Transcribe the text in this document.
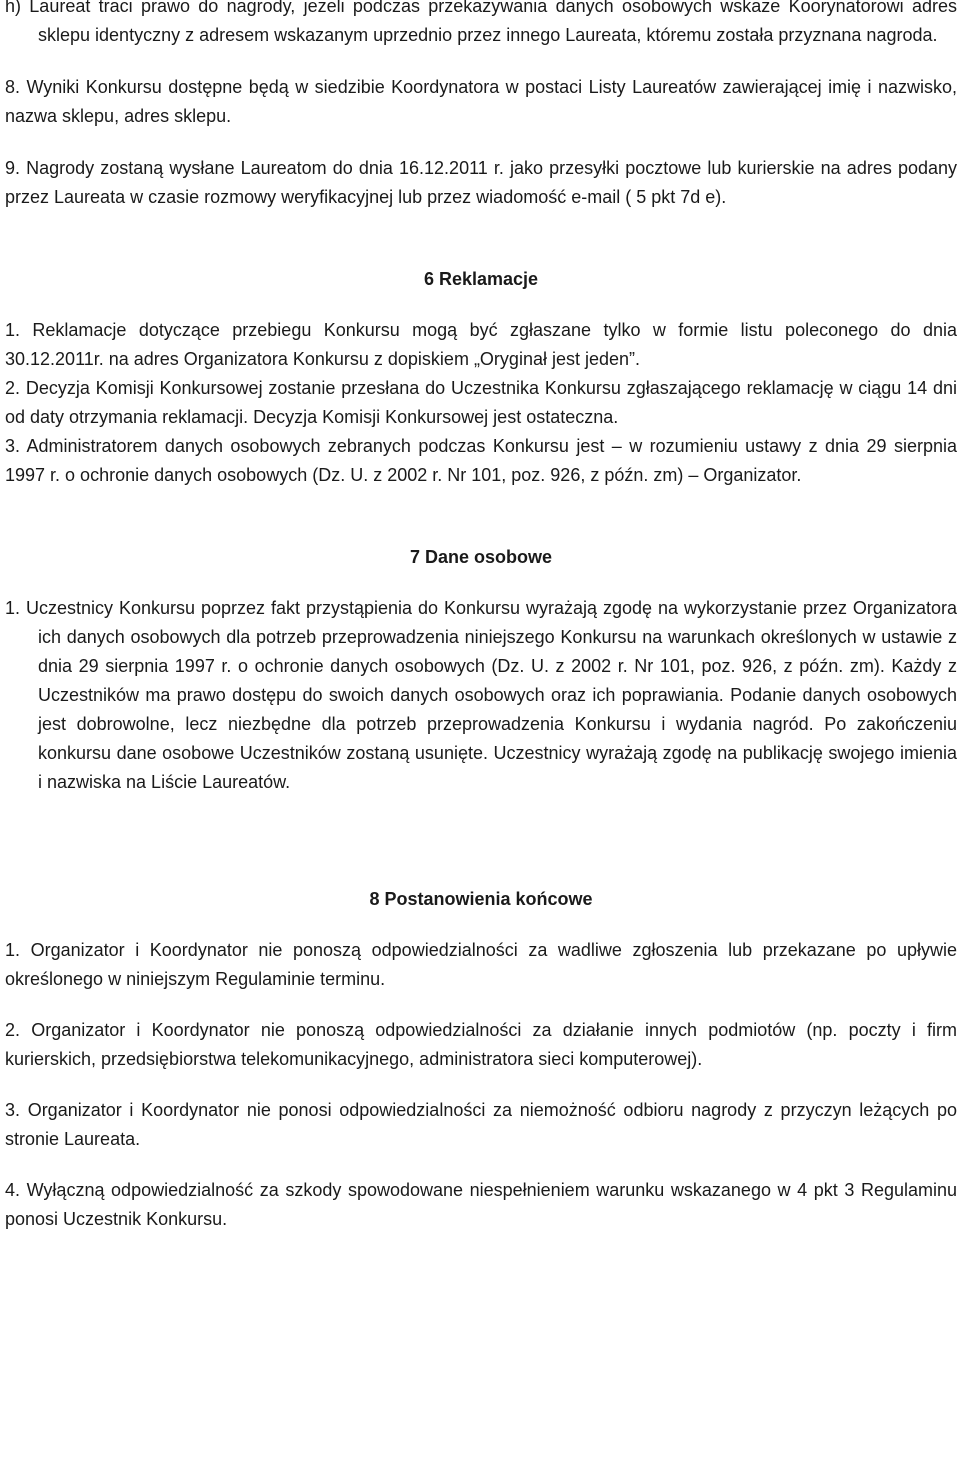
h) Laureat traci prawo do nagrody, jeżeli podczas przekazywania danych osobowych wskaże Koorynatorowi adres sklepu identyczny z adresem wskazanym uprzednio przez innego Laureata, któremu została przyznana nagroda.

8. Wyniki Konkursu dostępne będą w siedzibie Koordynatora w postaci Listy Laureatów zawierającej imię i nazwisko, nazwa sklepu, adres sklepu.

9. Nagrody zostaną wysłane Laureatom do dnia 16.12.2011 r. jako przesyłki pocztowe lub kurierskie na adres podany przez Laureata w czasie rozmowy weryfikacyjnej lub przez wiadomość e-mail ( 5 pkt 7d e).

6 Reklamacje

1. Reklamacje dotyczące przebiegu Konkursu mogą być zgłaszane tylko w formie listu poleconego do dnia 30.12.2011r. na adres Organizatora Konkursu z dopiskiem „Oryginał jest jeden”.

2. Decyzja Komisji Konkursowej zostanie przesłana do Uczestnika Konkursu zgłaszającego reklamację w ciągu 14 dni od daty otrzymania reklamacji. Decyzja Komisji Konkursowej jest ostateczna.

3. Administratorem danych osobowych zebranych podczas Konkursu jest – w rozumieniu ustawy z dnia 29 sierpnia 1997 r. o ochronie danych osobowych (Dz. U. z 2002 r. Nr 101, poz. 926, z późn. zm) – Organizator.

7 Dane osobowe

1. Uczestnicy Konkursu poprzez fakt przystąpienia do Konkursu wyrażają zgodę na wykorzystanie przez Organizatora ich danych osobowych dla potrzeb przeprowadzenia niniejszego Konkursu na warunkach określonych w ustawie z dnia 29 sierpnia 1997 r. o ochronie danych osobowych (Dz. U. z 2002 r. Nr 101, poz. 926, z późn. zm). Każdy z Uczestników ma prawo dostępu do swoich danych osobowych oraz ich poprawiania. Podanie danych osobowych jest dobrowolne, lecz niezbędne dla potrzeb przeprowadzenia Konkursu i wydania nagród. Po zakończeniu konkursu dane osobowe Uczestników zostaną usunięte. Uczestnicy wyrażają zgodę na publikację swojego imienia i nazwiska na Liście Laureatów.

8 Postanowienia końcowe

1. Organizator i Koordynator nie ponoszą odpowiedzialności za wadliwe zgłoszenia lub przekazane po upływie określonego w niniejszym Regulaminie terminu.

2. Organizator i Koordynator nie ponoszą odpowiedzialności za działanie innych podmiotów (np. poczty i firm kurierskich, przedsiębiorstwa telekomunikacyjnego, administratora sieci komputerowej).

3. Organizator i Koordynator nie ponosi odpowiedzialności za niemożność odbioru nagrody z przyczyn leżących po stronie Laureata.

4. Wyłączną odpowiedzialność za szkody spowodowane niespełnieniem warunku wskazanego w 4 pkt 3 Regulaminu ponosi Uczestnik Konkursu.
